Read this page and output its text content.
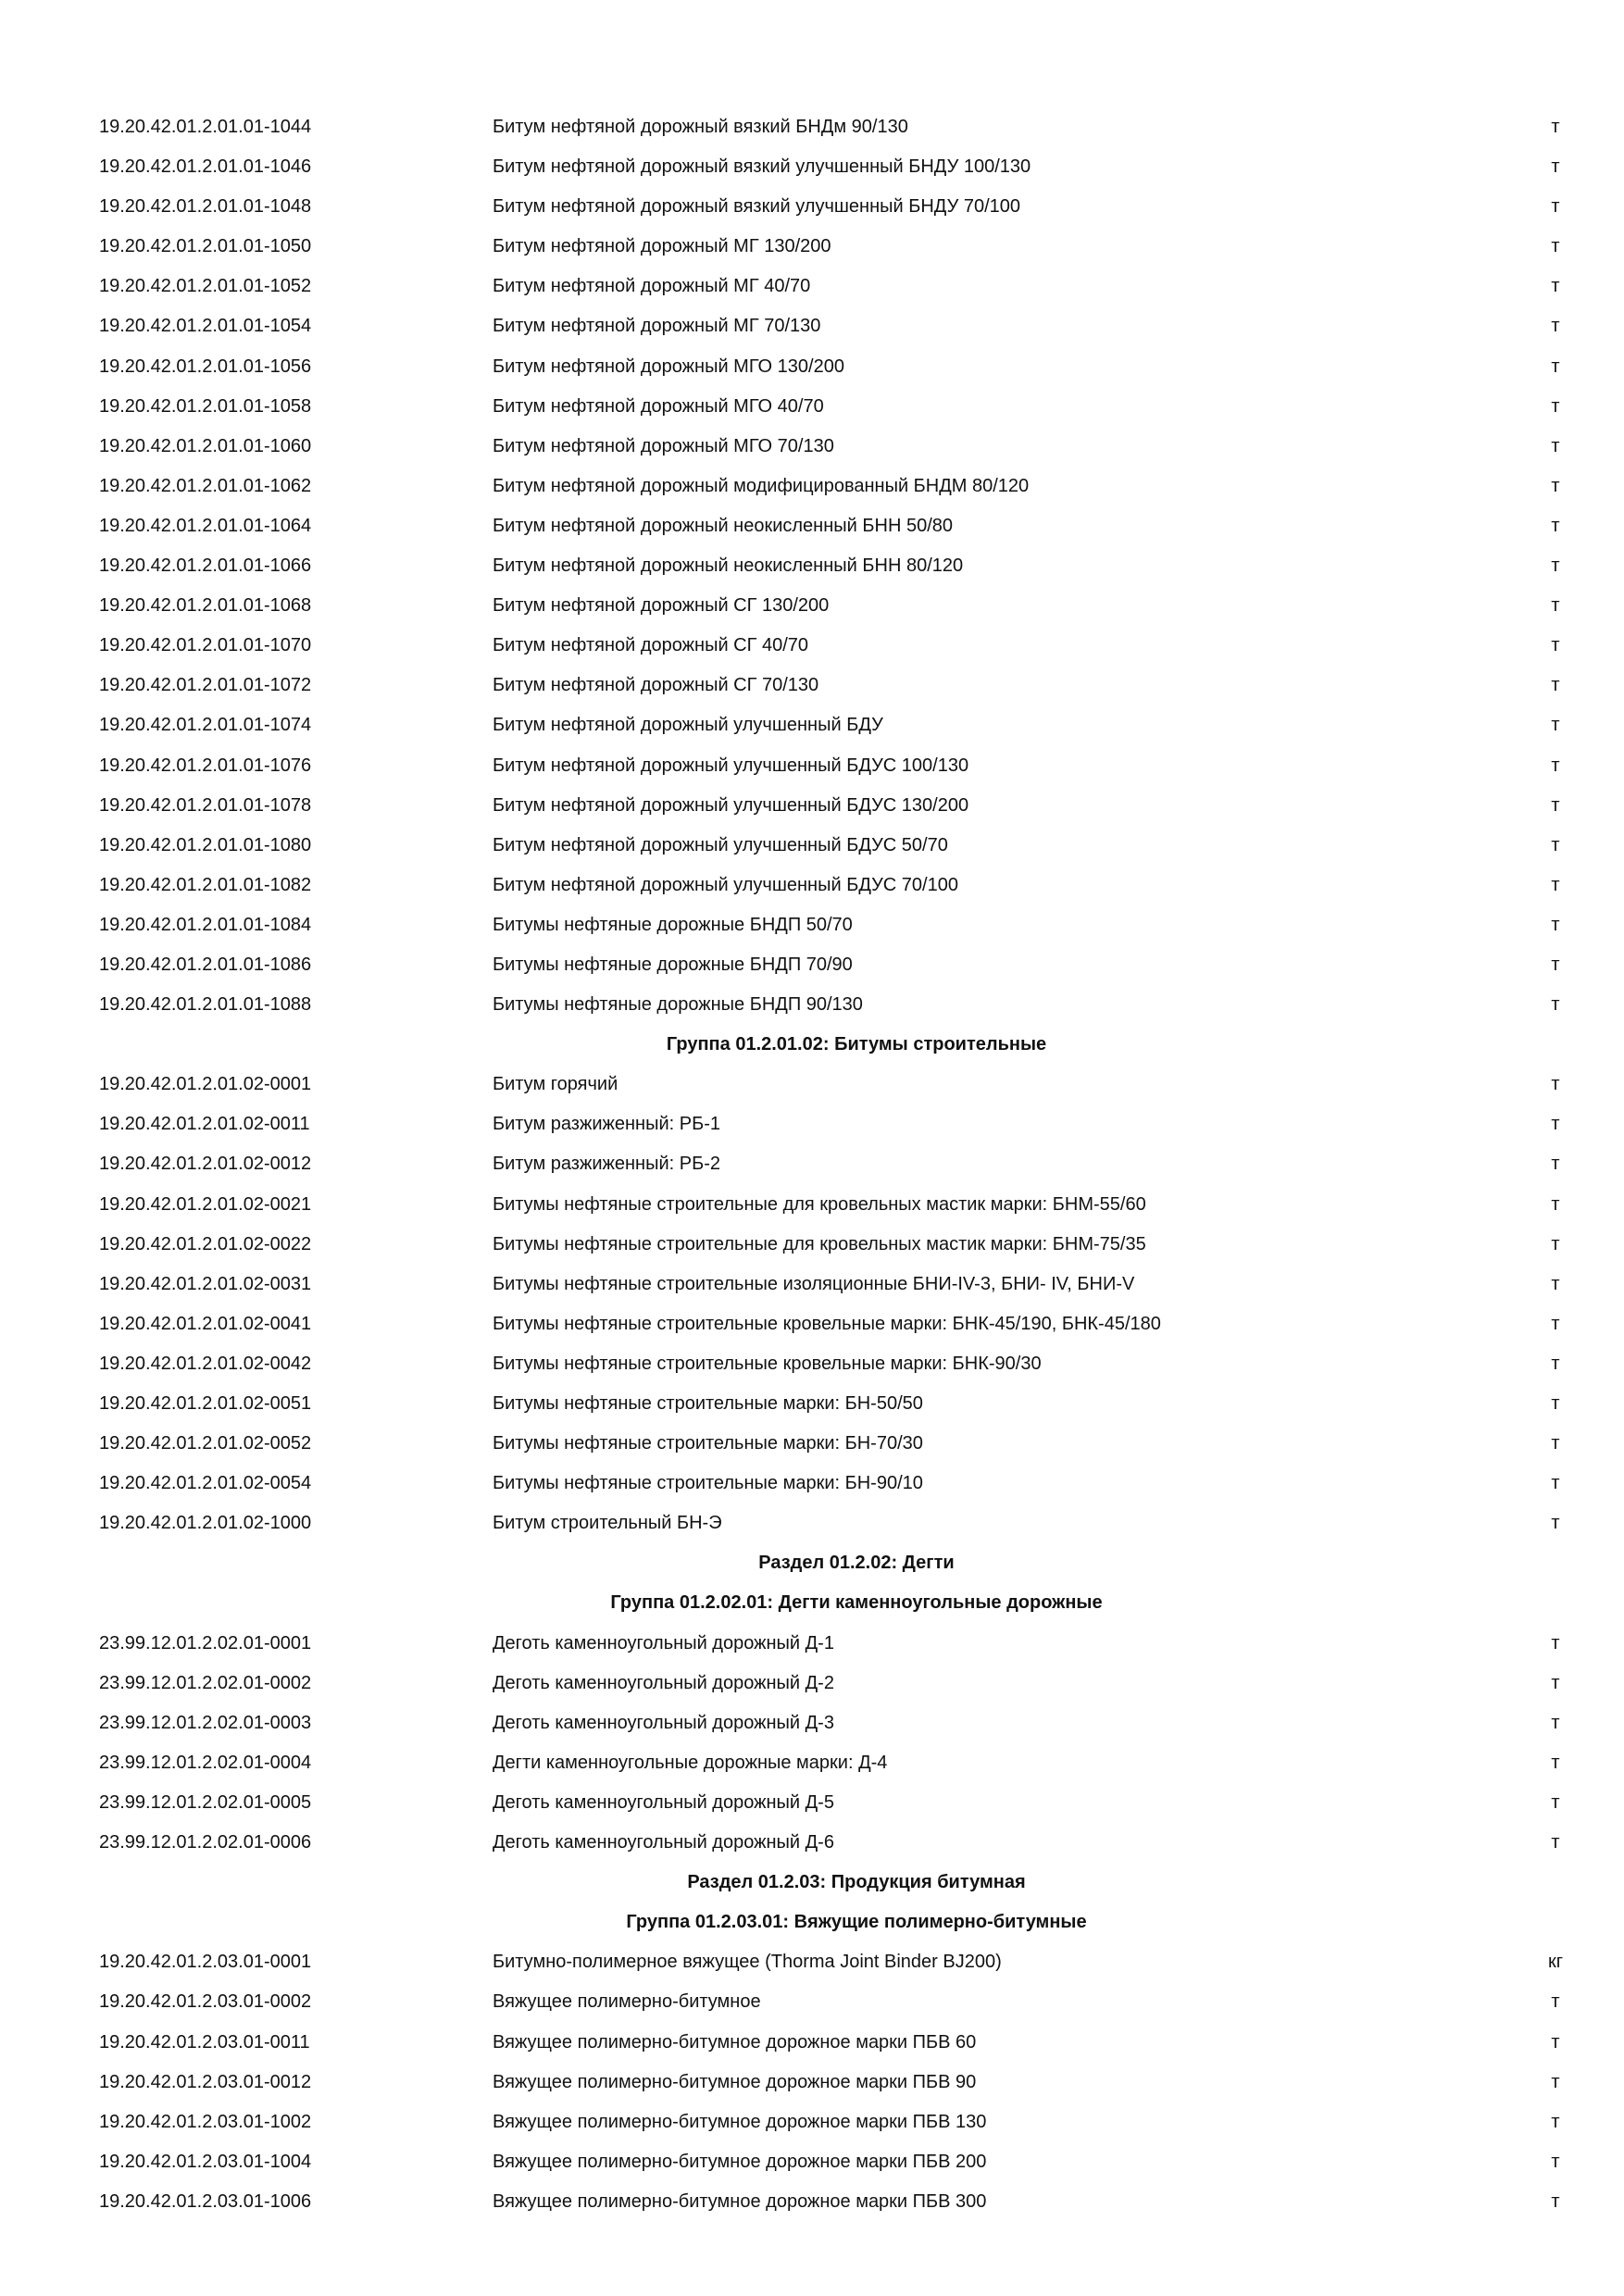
19.20.42.01.2.01.01-1044	Битум нефтяной дорожный вязкий БНДм 90/130	т
19.20.42.01.2.01.01-1046	Битум нефтяной дорожный вязкий улучшенный БНДУ 100/130	т
19.20.42.01.2.01.01-1048	Битум нефтяной дорожный вязкий улучшенный БНДУ 70/100	т
19.20.42.01.2.01.01-1050	Битум нефтяной дорожный МГ 130/200	т
19.20.42.01.2.01.01-1052	Битум нефтяной дорожный МГ 40/70	т
19.20.42.01.2.01.01-1054	Битум нефтяной дорожный МГ 70/130	т
19.20.42.01.2.01.01-1056	Битум нефтяной дорожный МГО 130/200	т
19.20.42.01.2.01.01-1058	Битум нефтяной дорожный МГО 40/70	т
19.20.42.01.2.01.01-1060	Битум нефтяной дорожный МГО 70/130	т
19.20.42.01.2.01.01-1062	Битум нефтяной дорожный модифицированный БНДМ 80/120	т
19.20.42.01.2.01.01-1064	Битум нефтяной дорожный неокисленный БНН 50/80	т
19.20.42.01.2.01.01-1066	Битум нефтяной дорожный неокисленный БНН 80/120	т
19.20.42.01.2.01.01-1068	Битум нефтяной дорожный СГ 130/200	т
19.20.42.01.2.01.01-1070	Битум нефтяной дорожный СГ 40/70	т
19.20.42.01.2.01.01-1072	Битум нефтяной дорожный СГ 70/130	т
19.20.42.01.2.01.01-1074	Битум нефтяной дорожный улучшенный БДУ	т
19.20.42.01.2.01.01-1076	Битум нефтяной дорожный улучшенный БДУС 100/130	т
19.20.42.01.2.01.01-1078	Битум нефтяной дорожный улучшенный БДУС 130/200	т
19.20.42.01.2.01.01-1080	Битум нефтяной дорожный улучшенный БДУС 50/70	т
19.20.42.01.2.01.01-1082	Битум нефтяной дорожный улучшенный БДУС 70/100	т
19.20.42.01.2.01.01-1084	Битумы нефтяные дорожные БНДП 50/70	т
19.20.42.01.2.01.01-1086	Битумы нефтяные дорожные БНДП 70/90	т
19.20.42.01.2.01.01-1088	Битумы нефтяные дорожные БНДП 90/130	т
Группа 01.2.01.02: Битумы строительные
19.20.42.01.2.01.02-0001	Битум горячий	т
19.20.42.01.2.01.02-0011	Битум разжиженный: РБ-1	т
19.20.42.01.2.01.02-0012	Битум разжиженный: РБ-2	т
19.20.42.01.2.01.02-0021	Битумы нефтяные строительные для кровельных мастик марки: БНМ-55/60	т
19.20.42.01.2.01.02-0022	Битумы нефтяные строительные для кровельных мастик марки: БНМ-75/35	т
19.20.42.01.2.01.02-0031	Битумы нефтяные строительные изоляционные БНИ-IV-3, БНИ- IV, БНИ-V	т
19.20.42.01.2.01.02-0041	Битумы нефтяные строительные кровельные марки: БНК-45/190, БНК-45/180	т
19.20.42.01.2.01.02-0042	Битумы нефтяные строительные кровельные марки: БНК-90/30	т
19.20.42.01.2.01.02-0051	Битумы нефтяные строительные марки: БН-50/50	т
19.20.42.01.2.01.02-0052	Битумы нефтяные строительные марки: БН-70/30	т
19.20.42.01.2.01.02-0054	Битумы нефтяные строительные марки: БН-90/10	т
19.20.42.01.2.01.02-1000	Битум строительный БН-Э	т
Раздел 01.2.02: Дегти
Группа 01.2.02.01: Дегти каменноугольные дорожные
23.99.12.01.2.02.01-0001	Деготь каменноугольный дорожный Д-1	т
23.99.12.01.2.02.01-0002	Деготь каменноугольный дорожный Д-2	т
23.99.12.01.2.02.01-0003	Деготь каменноугольный дорожный Д-3	т
23.99.12.01.2.02.01-0004	Дегти каменноугольные дорожные марки: Д-4	т
23.99.12.01.2.02.01-0005	Деготь каменноугольный дорожный Д-5	т
23.99.12.01.2.02.01-0006	Деготь каменноугольный дорожный Д-6	т
Раздел 01.2.03: Продукция битумная
Группа 01.2.03.01: Вяжущие полимерно-битумные
19.20.42.01.2.03.01-0001	Битумно-полимерное вяжущее (Thorma Joint Binder BJ200)	кг
19.20.42.01.2.03.01-0002	Вяжущее полимерно-битумное	т
19.20.42.01.2.03.01-0011	Вяжущее полимерно-битумное дорожное марки ПБВ 60	т
19.20.42.01.2.03.01-0012	Вяжущее полимерно-битумное дорожное марки ПБВ 90	т
19.20.42.01.2.03.01-1002	Вяжущее полимерно-битумное дорожное марки ПБВ 130	т
19.20.42.01.2.03.01-1004	Вяжущее полимерно-битумное дорожное марки ПБВ 200	т
19.20.42.01.2.03.01-1006	Вяжущее полимерно-битумное дорожное марки ПБВ 300	т
